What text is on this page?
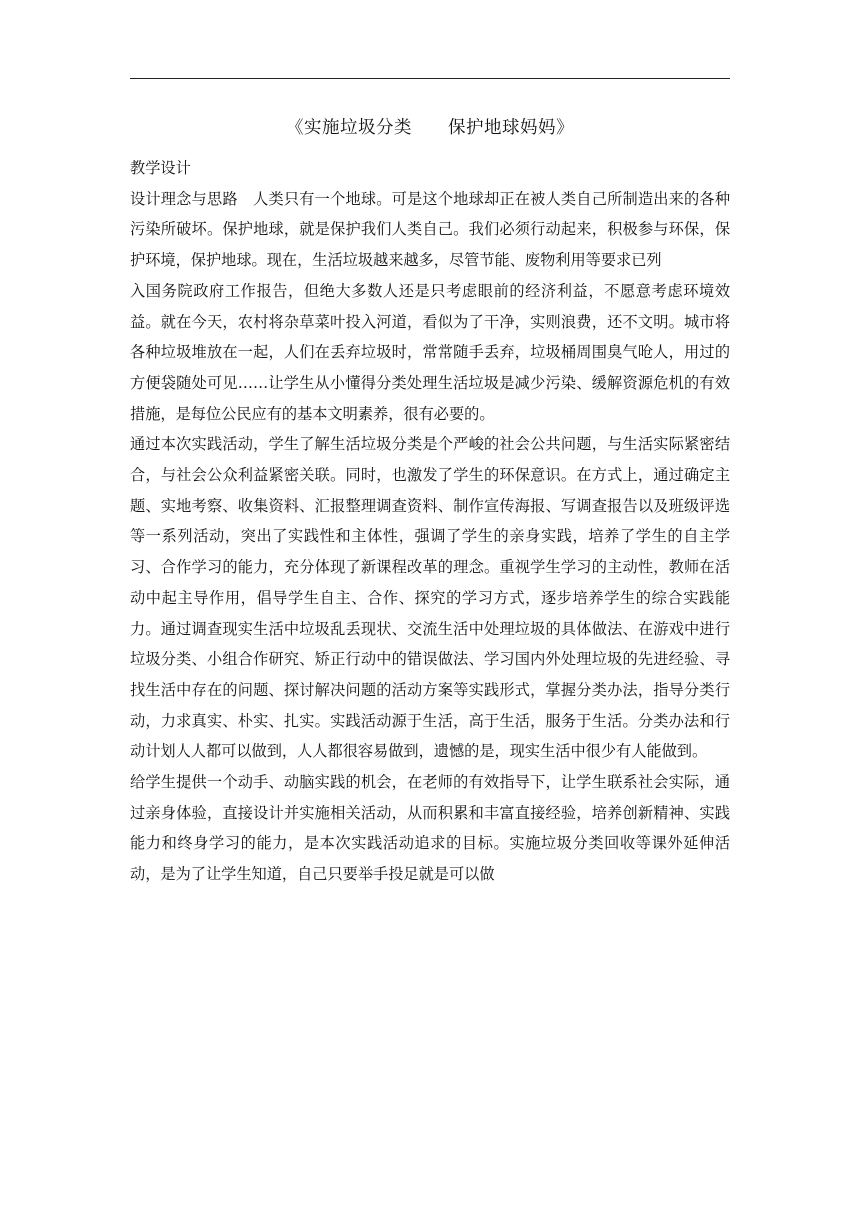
《实施垃圾分类　　保护地球妈妈》

教学设计

设计理念与思路　人类只有一个地球。可是这个地球却正在被人类自己所制造出来的各种污染所破坏。保护地球，就是保护我们人类自己。我们必须行动起来，积极参与环保，保护环境，保护地球。现在，生活垃圾越来越多，尽管节能、废物利用等要求已列

入国务院政府工作报告，但绝大多数人还是只考虑眼前的经济利益，不愿意考虑环境效益。就在今天，农村将杂草菜叶投入河道，看似为了干净，实则浪费，还不文明。城市将各种垃圾堆放在一起，人们在丢弃垃圾时，常常随手丢弃，垃圾桶周围臭气呛人，用过的方便袋随处可见……让学生从小懂得分类处理生活垃圾是减少污染、缓解资源危机的有效措施，是每位公民应有的基本文明素养，很有必要的。

通过本次实践活动，学生了解生活垃圾分类是个严峻的社会公共问题，与生活实际紧密结合，与社会公众利益紧密关联。同时，也激发了学生的环保意识。在方式上，通过确定主题、实地考察、收集资料、汇报整理调查资料、制作宣传海报、写调查报告以及班级评选等一系列活动，突出了实践性和主体性，强调了学生的亲身实践，培养了学生的自主学习、合作学习的能力，充分体现了新课程改革的理念。重视学生学习的主动性，教师在活动中起主导作用，倡导学生自主、合作、探究的学习方式，逐步培养学生的综合实践能力。通过调查现实生活中垃圾乱丢现状、交流生活中处理垃圾的具体做法、在游戏中进行垃圾分类、小组合作研究、矫正行动中的错误做法、学习国内外处理垃圾的先进经验、寻找生活中存在的问题、探讨解决问题的活动方案等实践形式，掌握分类办法，指导分类行动，力求真实、朴实、扎实。实践活动源于生活，高于生活，服务于生活。分类办法和行动计划人人都可以做到，人人都很容易做到，遗憾的是，现实生活中很少有人能做到。

给学生提供一个动手、动脑实践的机会，在老师的有效指导下，让学生联系社会实际，通过亲身体验，直接设计并实施相关活动，从而积累和丰富直接经验，培养创新精神、实践能力和终身学习的能力，是本次实践活动追求的目标。实施垃圾分类回收等课外延伸活动，是为了让学生知道，自己只要举手投足就是可以做
